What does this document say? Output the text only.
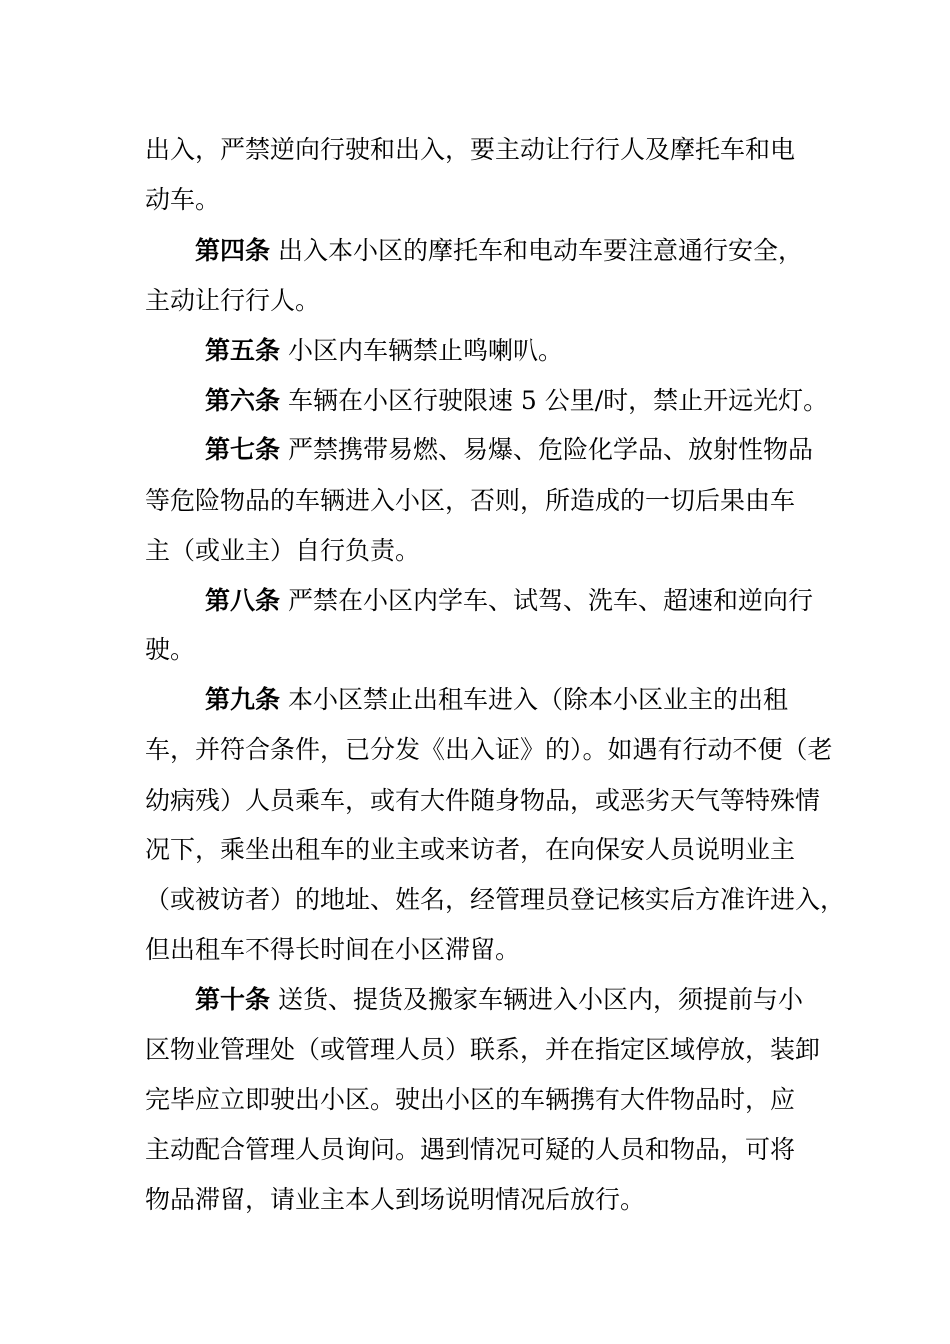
出入，严禁逆向行驶和出入，要主动让行行人及摩托车和电
动车。
第四条 出入本小区的摩托车和电动车要注意通行安全，
主动让行行人。
第五条 小区内车辆禁止鸣喇叭。
第六条 车辆在小区行驶限速 5 公里/时，禁止开远光灯。
第七条 严禁携带易燃、易爆、危险化学品、放射性物品
等危险物品的车辆进入小区，否则，所造成的一切后果由车
主（或业主）自行负责。
第八条 严禁在小区内学车、试驾、洗车、超速和逆向行
驶。
第九条 本小区禁止出租车进入（除本小区业主的出租
车，并符合条件，已分发《出入证》的）。如遇有行动不便（老
幼病残）人员乘车，或有大件随身物品，或恶劣天气等特殊情
况下，乘坐出租车的业主或来访者，在向保安人员说明业主
（或被访者）的地址、姓名，经管理员登记核实后方准许进入，
但出租车不得长时间在小区滞留。
第十条 送货、提货及搬家车辆进入小区内，须提前与小
区物业管理处（或管理人员）联系，并在指定区域停放，装卸
完毕应立即驶出小区。驶出小区的车辆携有大件物品时，应
主动配合管理人员询问。遇到情况可疑的人员和物品，可将
物品滞留，请业主本人到场说明情况后放行。
